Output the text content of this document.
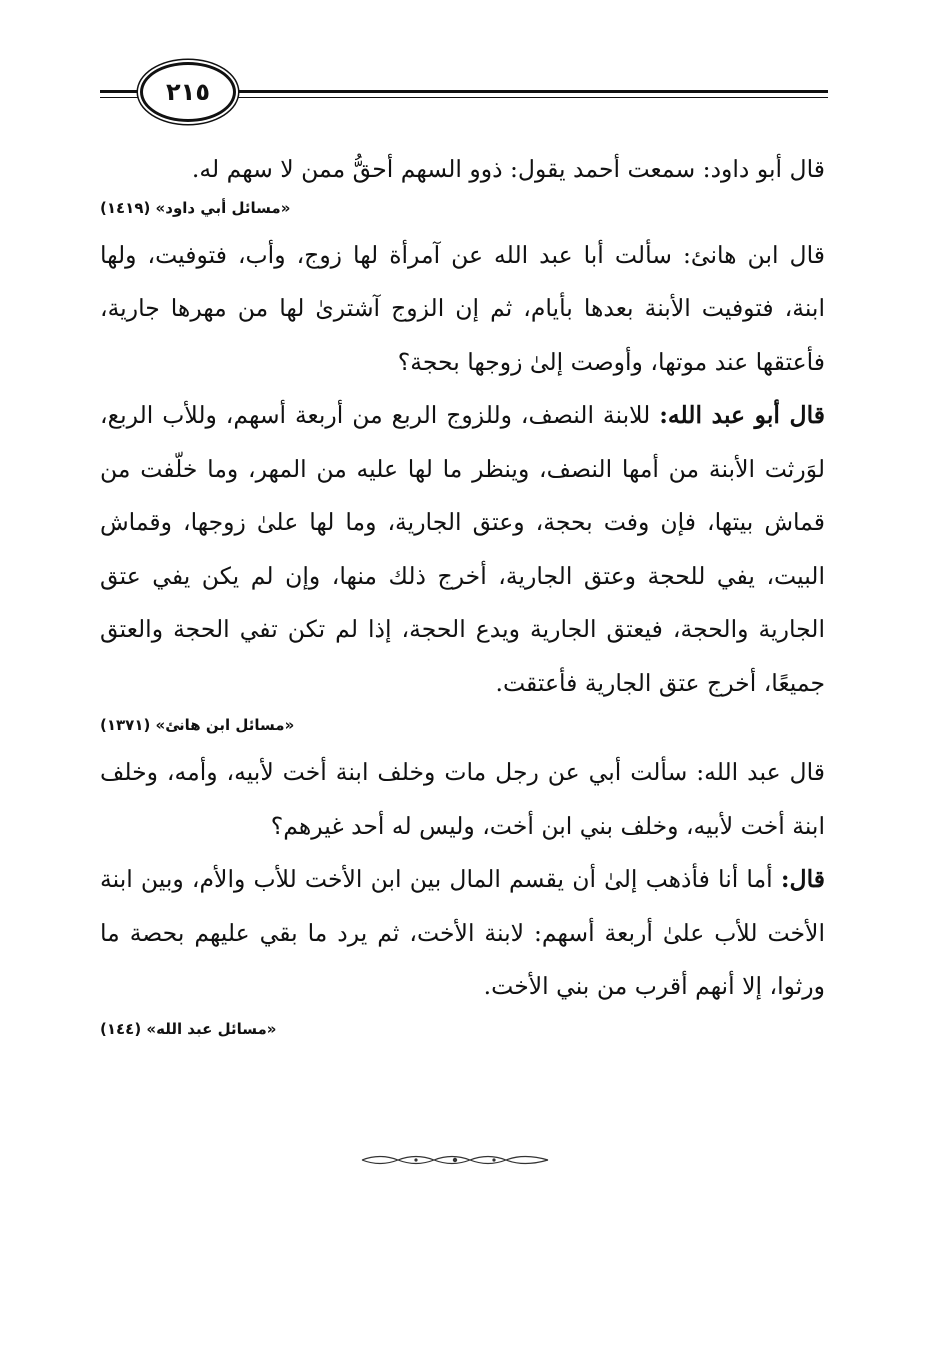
٢١٥

قال أبو داود: سمعت أحمد يقول: ذوو السهم أحقُّ ممن لا سهم له.

«مسائل أبي داود» (١٤١٩)

قال ابن هانئ: سألت أبا عبد الله عن آمرأة لها زوج، وأب، فتوفيت، ولها ابنة، فتوفيت الأبنة بعدها بأيام، ثم إن الزوج آشترىٰ لها من مهرها جارية، فأعتقها عند موتها، وأوصت إلىٰ زوجها بحجة؟

قال أبو عبد الله: للابنة النصف، وللزوج الربع من أربعة أسهم، وللأب الربع، لوَرثت الأبنة من أمها النصف، وينظر ما لها عليه من المهر، وما خلّفت من قماش بيتها، فإن وفت بحجة، وعتق الجارية، وما لها علىٰ زوجها، وقماش البيت، يفي للحجة وعتق الجارية، أخرج ذلك منها، وإن لم يكن يفي عتق الجارية والحجة، فيعتق الجارية ويدع الحجة، إذا لم تكن تفي الحجة والعتق جميعًا، أخرج عتق الجارية فأعتقت.

«مسائل ابن هانئ» (١٣٧١)

قال عبد الله: سألت أبي عن رجل مات وخلف ابنة أخت لأبيه، وأمه، وخلف ابنة أخت لأبيه، وخلف بني ابن أخت، وليس له أحد غيرهم؟

قال: أما أنا فأذهب إلىٰ أن يقسم المال بين ابن الأخت للأب والأم، وبين ابنة الأخت للأب علىٰ أربعة أسهم: لابنة الأخت، ثم يرد ما بقي عليهم بحصة ما ورثوا، إلا أنهم أقرب من بني الأخت.

«مسائل عبد الله» (١٤٤)
